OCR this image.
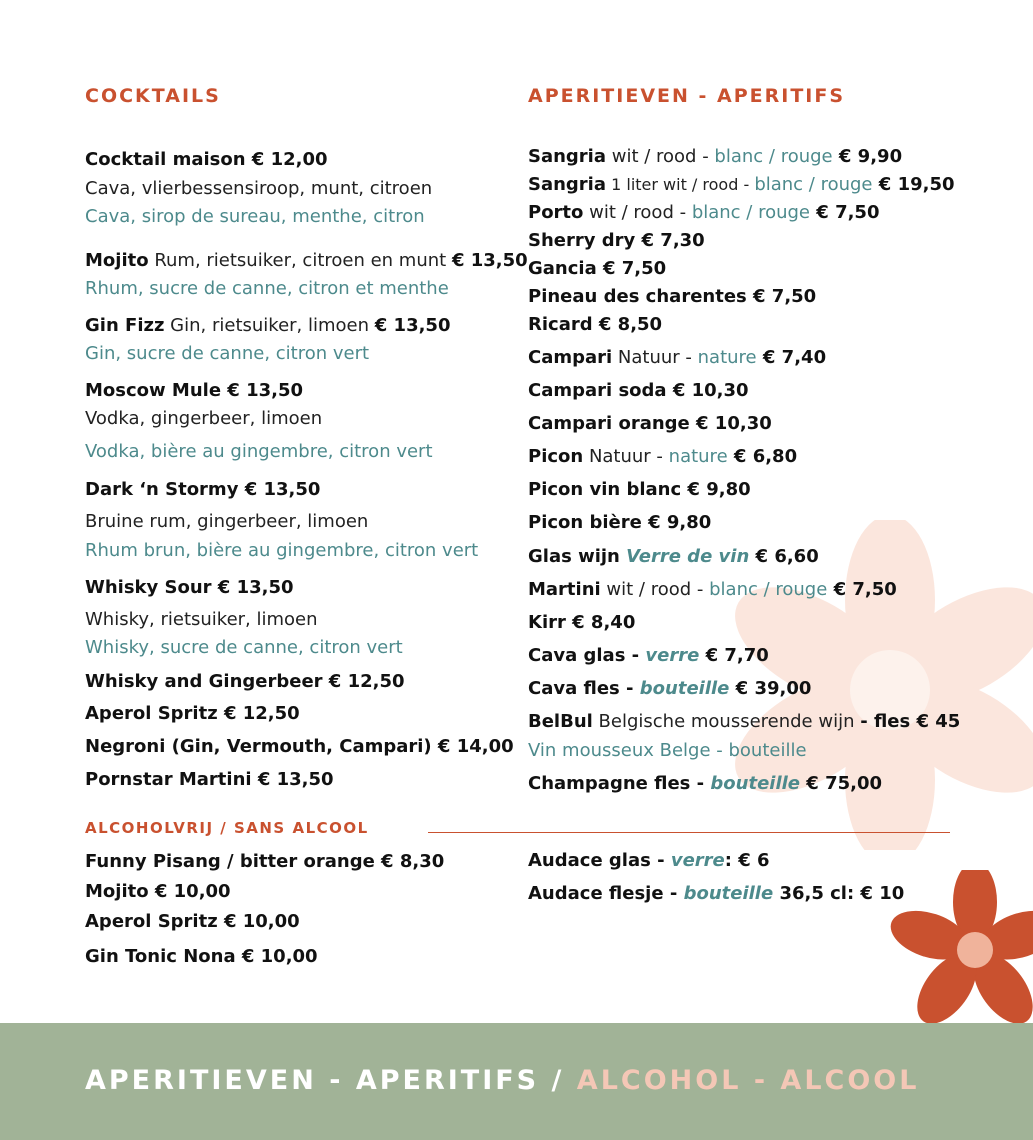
COCKTAILS
Cocktail maison € 12,00
Cava, vlierbessensiroop, munt, citroen
Cava, sirop de sureau, menthe, citron
Mojito Rum, rietsuiker, citroen en munt € 13,50
Rhum, sucre de canne, citron et menthe
Gin Fizz Gin, rietsuiker, limoen € 13,50
Gin, sucre de canne, citron vert
Moscow Mule € 13,50
Vodka, gingerbeer, limoen
Vodka, bière au gingembre, citron vert
Dark ‘n Stormy € 13,50
Bruine rum, gingerbeer, limoen
Rhum brun, bière au gingembre, citron vert
Whisky Sour € 13,50
Whisky, rietsuiker, limoen
Whisky, sucre de canne, citron vert
Whisky and Gingerbeer € 12,50
Aperol Spritz € 12,50
Negroni (Gin, Vermouth, Campari) € 14,00
Pornstar Martini € 13,50
ALCOHOLVRIJ / SANS ALCOOL
Funny Pisang / bitter orange € 8,30
Mojito € 10,00
Aperol Spritz € 10,00
Gin Tonic Nona € 10,00
Audace glas - verre: € 6
Audace flesje - bouteille 36,5 cl: € 10
APERITIEVEN - APERITIFS
Sangria wit / rood - blanc / rouge € 9,90
Sangria 1 liter wit / rood - blanc / rouge € 19,50
Porto wit / rood - blanc / rouge € 7,50
Sherry dry € 7,30
Gancia € 7,50
Pineau des charentes € 7,50
Ricard € 8,50
Campari Natuur - nature € 7,40
Campari soda € 10,30
Campari orange € 10,30
Picon Natuur - nature € 6,80
Picon vin blanc € 9,80
Picon bière € 9,80
Glas wijn Verre de vin € 6,60
Martini wit / rood - blanc / rouge € 7,50
Kirr € 8,40
Cava glas - verre € 7,70
Cava fles - bouteille € 39,00
BelBul Belgische mousserende wijn - fles € 45
Vin mousseux Belge - bouteille
Champagne fles - bouteille € 75,00
APERITIEVEN - APERITIFS / ALCOHOL - ALCOOL
